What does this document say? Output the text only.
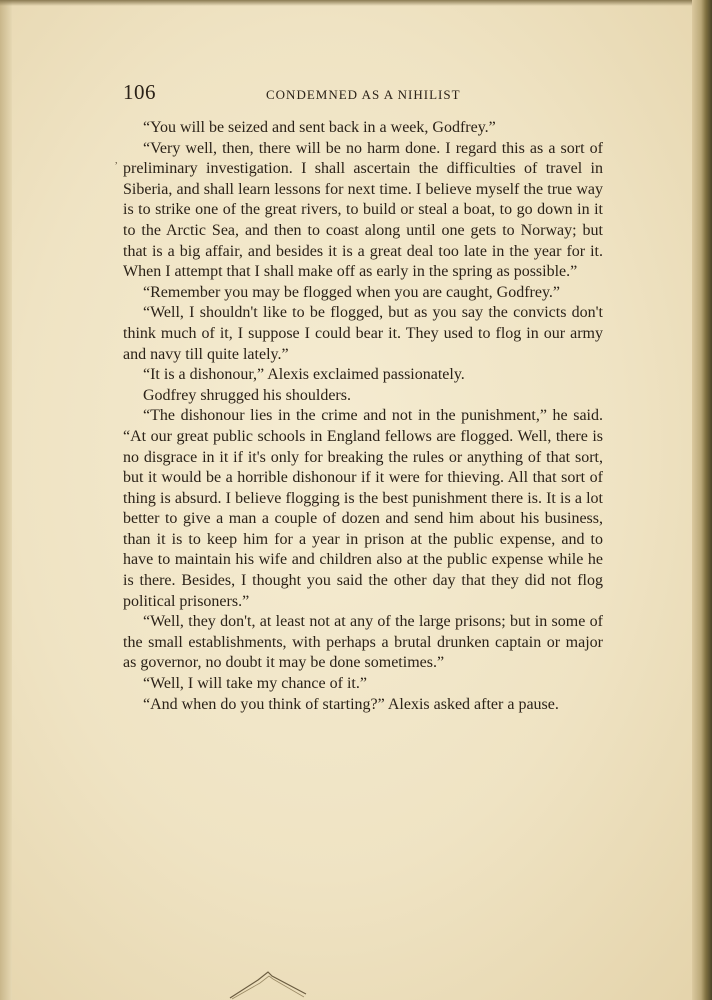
106	CONDEMNED AS A NIHILIST
,

“You will be seized and sent back in a week, Godfrey.”

“Very well, then, there will be no harm done. I regard this as a sort of preliminary investigation. I shall ascertain the difficulties of travel in Siberia, and shall learn lessons for next time. I believe myself the true way is to strike one of the great rivers, to build or steal a boat, to go down in it to the Arctic Sea, and then to coast along until one gets to Norway; but that is a big affair, and besides it is a great deal too late in the year for it. When I attempt that I shall make off as early in the spring as possible.”

“Remember you may be flogged when you are caught, Godfrey.”

“Well, I shouldn't like to be flogged, but as you say the convicts don't think much of it, I suppose I could bear it. They used to flog in our army and navy till quite lately.”

“It is a dishonour,” Alexis exclaimed passionately.

Godfrey shrugged his shoulders.

“The dishonour lies in the crime and not in the punishment,” he said. “At our great public schools in England fellows are flogged. Well, there is no disgrace in it if it's only for breaking the rules or anything of that sort, but it would be a horrible dishonour if it were for thieving. All that sort of thing is absurd. I believe flogging is the best punishment there is. It is a lot better to give a man a couple of dozen and send him about his business, than it is to keep him for a year in prison at the public expense, and to have to maintain his wife and children also at the public expense while he is there. Besides, I thought you said the other day that they did not flog political prisoners.”

“Well, they don't, at least not at any of the large prisons; but in some of the small establishments, with perhaps a brutal drunken captain or major as governor, no doubt it may be done sometimes.”

“Well, I will take my chance of it.”

“And when do you think of starting?” Alexis asked after a pause.
